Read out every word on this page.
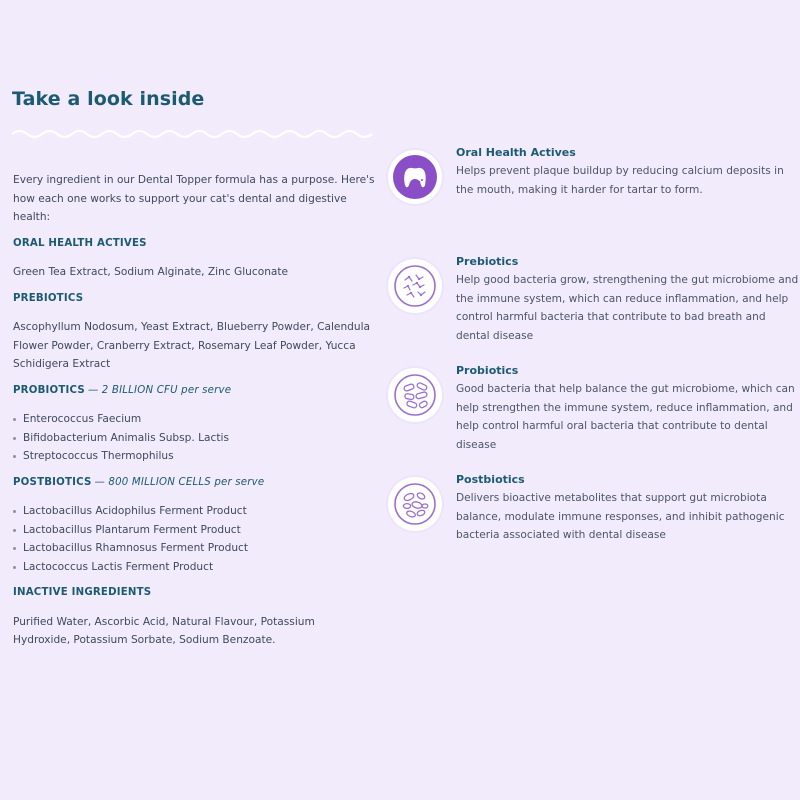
Take a look inside

Every ingredient in our Dental Topper formula has a purpose. Here's how each one works to support your cat's dental and digestive health:

ORAL HEALTH ACTIVES

Green Tea Extract, Sodium Alginate, Zinc Gluconate

PREBIOTICS

Ascophyllum Nodosum, Yeast Extract, Blueberry Powder, Calendula Flower Powder, Cranberry Extract, Rosemary Leaf Powder, Yucca Schidigera Extract

PROBIOTICS — 2 BILLION CFU per serve
Enterococcus Faecium
Bifidobacterium Animalis Subsp. Lactis
Streptococcus Thermophilus
POSTBIOTICS — 800 MILLION CELLS per serve
Lactobacillus Acidophilus Ferment Product
Lactobacillus Plantarum Ferment Product
Lactobacillus Rhamnosus Ferment Product
Lactococcus Lactis Ferment Product
INACTIVE INGREDIENTS

Purified Water, Ascorbic Acid, Natural Flavour, Potassium Hydroxide, Potassium Sorbate, Sodium Benzoate.

Oral Health Actives

Helps prevent plaque buildup by reducing calcium deposits in the mouth, making it harder for tartar to form.

Prebiotics

Help good bacteria grow, strengthening the gut microbiome and the immune system, which can reduce inflammation, and help control harmful bacteria that contribute to bad breath and dental disease

Probiotics

Good bacteria that help balance the gut microbiome, which can help strengthen the immune system, reduce inflammation, and help control harmful oral bacteria that contribute to dental disease

Postbiotics

Delivers bioactive metabolites that support gut microbiota balance, modulate immune responses, and inhibit pathogenic bacteria associated with dental disease
